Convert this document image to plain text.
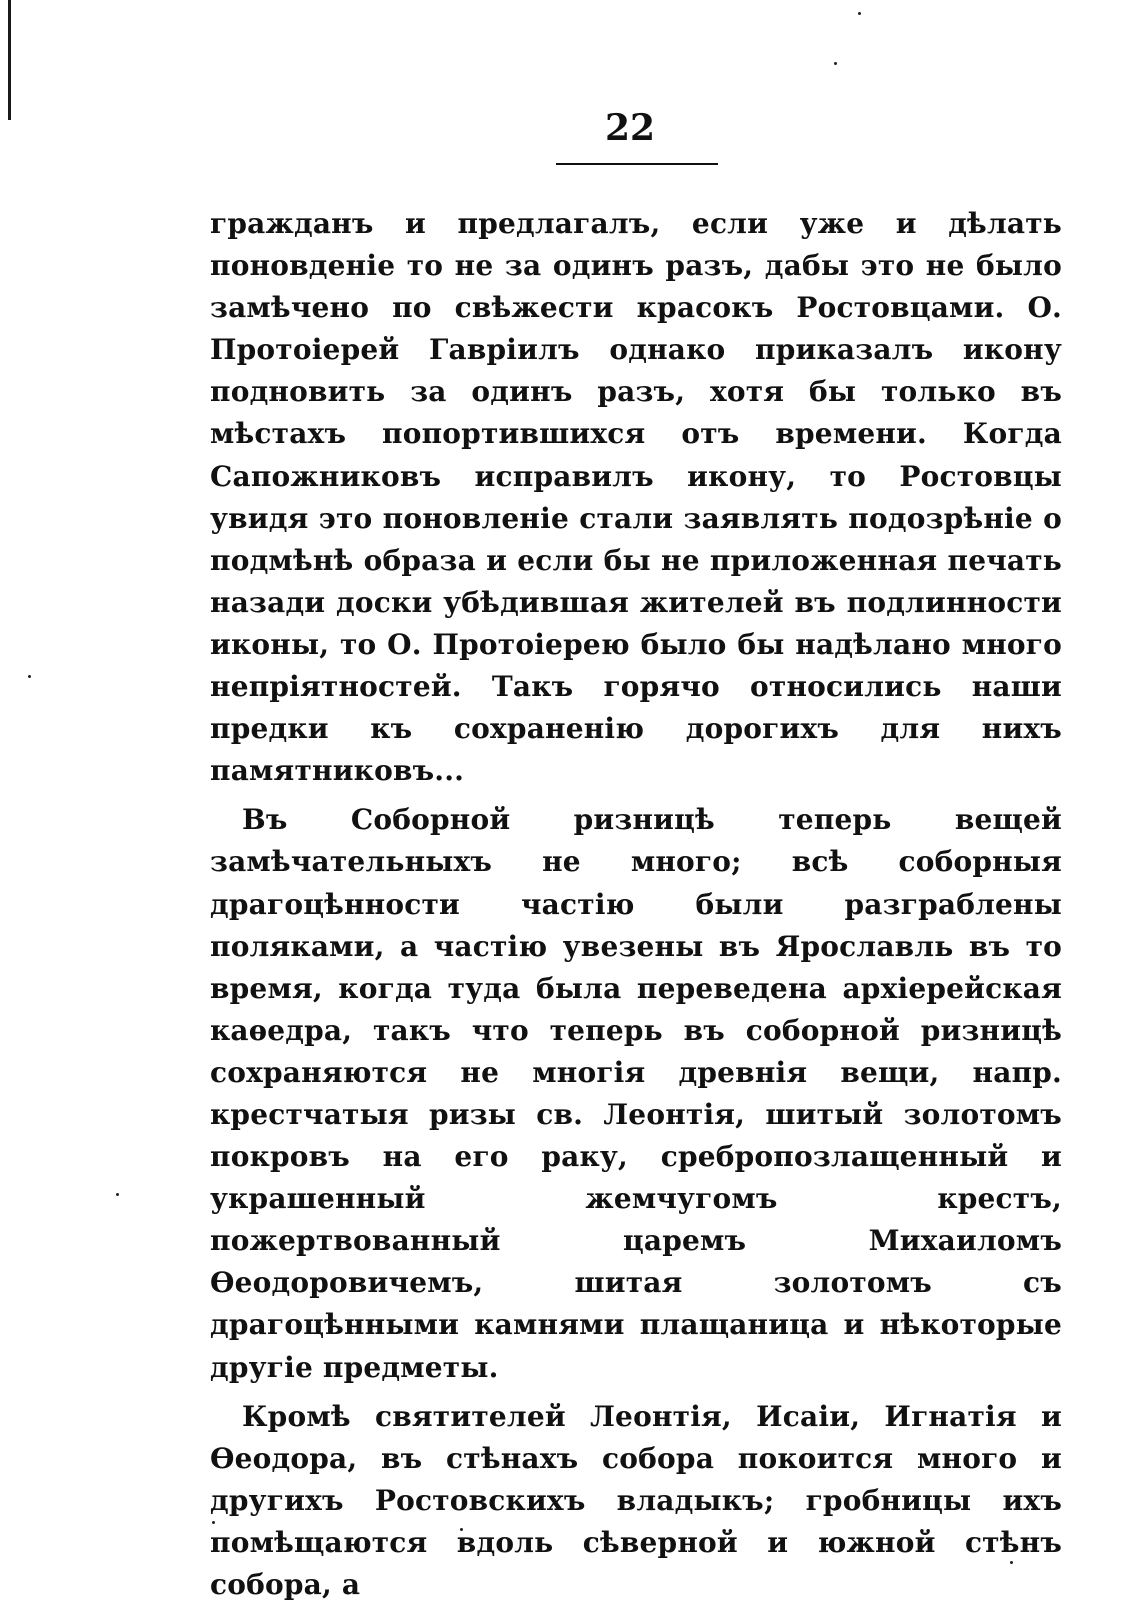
22

гражданъ и предлагалъ, если уже и дѣлать поновденіе то не за одинъ разъ, дабы это не было замѣчено по свѣжести красокъ Ростовцами. О. Протоіерей Гавріилъ однако приказалъ икону подновить за одинъ разъ, хотя бы только въ мѣстахъ попортившихся отъ времени. Когда Сапожниковъ исправилъ икону, то Ростовцы увидя это поновленіе стали заявлять подозрѣніе о подмѣнѣ образа и если бы не приложенная печать назади доски убѣдившая жителей въ подлинности иконы, то О. Протоіерею было бы надѣлано много непріятностей. Такъ горячо относились наши предки къ сохраненію дорогихъ для нихъ памятниковъ...

Въ Соборной ризницѣ теперь вещей замѣчательныхъ не много; всѣ соборныя драгоцѣнности частію были разграблены поляками, а частію увезены въ Ярославль въ то время, когда туда была переведена архіерейская каѳедра, такъ что теперь въ соборной ризницѣ сохраняются не многія древнія вещи, напр. крестчатыя ризы св. Леонтія, шитый золотомъ покровъ на его раку, сребропозлащенный и украшенный жемчугомъ крестъ, пожертвованный царемъ Михаиломъ Ѳеодоровичемъ, шитая золотомъ съ драгоцѣнными камнями плащаница и нѣкоторые другіе предметы.

Кромѣ святителей Леонтія, Исаіи, Игнатія и Ѳеодора, въ стѣнахъ собора покоится много и другихъ Ростовскихъ владыкъ; гробницы ихъ помѣщаются вдоль сѣверной и южной стѣнъ собора, а
